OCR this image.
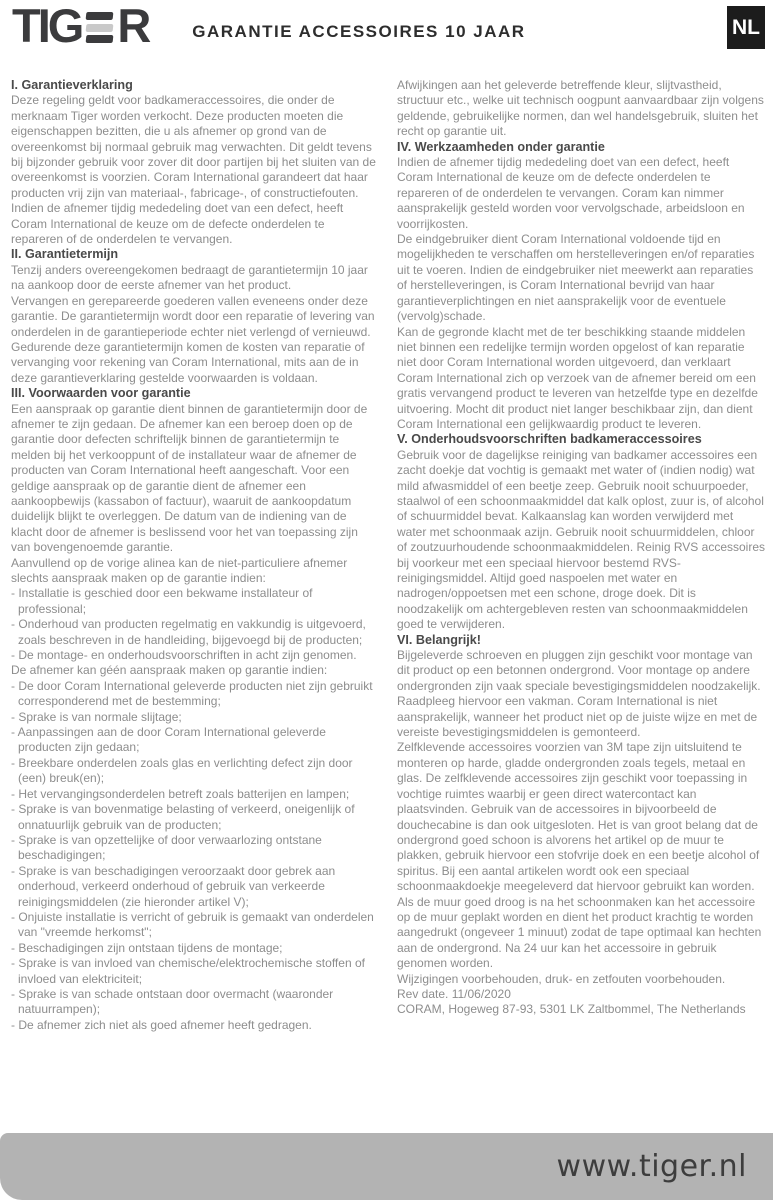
TIG R	GARANTIE ACCESSOIRES 10 JAAR	NL
I. Garantieverklaring

Deze regeling geldt voor badkameraccessoires, die onder de merknaam Tiger worden verkocht. Deze producten moeten die eigenschappen bezitten, die u als afnemer op grond van de overeenkomst bij normaal gebruik mag verwachten. Dit geldt tevens bij bijzonder gebruik voor zover dit door partijen bij het sluiten van de overeenkomst is voorzien. Coram International garandeert dat haar producten vrij zijn van materiaal-, fabricage-, of constructiefouten. Indien de afnemer tijdig mededeling doet van een defect, heeft Coram International de keuze om de defecte onderdelen te repareren of de onderdelen te vervangen.

II. Garantietermijn

Tenzij anders overeengekomen bedraagt de garantietermijn 10 jaar na aankoop door de eerste afnemer van het product.

Vervangen en gerepareerde goederen vallen eveneens onder deze garantie. De garantietermijn wordt door een reparatie of levering van onderdelen in de garantieperiode echter niet verlengd of vernieuwd.

Gedurende deze garantietermijn komen de kosten van reparatie of vervanging voor rekening van Coram International, mits aan de in deze garantieverklaring gestelde voorwaarden is voldaan.

III. Voorwaarden voor garantie

Een aanspraak op garantie dient binnen de garantietermijn door de afnemer te zijn gedaan. De afnemer kan een beroep doen op de garantie door defecten schriftelijk binnen de garantietermijn te melden bij het verkooppunt of de installateur waar de afnemer de producten van Coram International heeft aangeschaft. Voor een geldige aanspraak op de garantie dient de afnemer een aankoopbewijs (kassabon of factuur), waaruit de aankoopdatum duidelijk blijkt te overleggen. De datum van de indiening van de klacht door de afnemer is beslissend voor het van toepassing zijn van bovengenoemde garantie.

Aanvullend op de vorige alinea kan de niet-particuliere afnemer slechts aanspraak maken op de garantie indien:

- Installatie is geschied door een bekwame installateur of professional;
- Onderhoud van producten regelmatig en vakkundig is uitgevoerd, zoals beschreven in de handleiding, bijgevoegd bij de producten;
- De montage- en onderhoudsvoorschriften in acht zijn genomen.

De afnemer kan géén aanspraak maken op garantie indien:

- De door Coram International geleverde producten niet zijn gebruikt corresponderend met de bestemming;
- Sprake is van normale slijtage;
- Aanpassingen aan de door Coram International geleverde producten zijn gedaan;
- Breekbare onderdelen zoals glas en verlichting defect zijn door (een) breuk(en);
- Het vervangingsonderdelen betreft zoals batterijen en lampen;
- Sprake is van bovenmatige belasting of verkeerd, oneigenlijk of onnatuurlijk gebruik van de producten;
- Sprake is van opzettelijke of door verwaarlozing ontstane beschadigingen;
- Sprake is van beschadigingen veroorzaakt door gebrek aan onderhoud, verkeerd onderhoud of gebruik van verkeerde reinigingsmiddelen (zie hieronder artikel V);
- Onjuiste installatie is verricht of gebruik is gemaakt van onderdelen van "vreemde herkomst";
- Beschadigingen zijn ontstaan tijdens de montage;
- Sprake is van invloed van chemische/elektrochemische stoffen of invloed van elektriciteit;
- Sprake is van schade ontstaan door overmacht (waaronder natuurrampen);
- De afnemer zich niet als goed afnemer heeft gedragen.

Afwijkingen aan het geleverde betreffende kleur, slijtvastheid, structuur etc., welke uit technisch oogpunt aanvaardbaar zijn volgens geldende, gebruikelijke normen, dan wel handelsgebruik, sluiten het recht op garantie uit.

IV. Werkzaamheden onder garantie

Indien de afnemer tijdig mededeling doet van een defect, heeft Coram International de keuze om de defecte onderdelen te repareren of de onderdelen te vervangen. Coram kan nimmer aansprakelijk gesteld worden voor vervolgschade, arbeidsloon en voorrijkosten.

De eindgebruiker dient Coram International voldoende tijd en mogelijkheden te verschaffen om herstelleveringen en/of reparaties uit te voeren. Indien de eindgebruiker niet meewerkt aan reparaties of herstelleveringen, is Coram International bevrijd van haar garantieverplichtingen en niet aansprakelijk voor de eventuele (vervolg)schade.

Kan de gegronde klacht met de ter beschikking staande middelen niet binnen een redelijke termijn worden opgelost of kan reparatie niet door Coram International worden uitgevoerd, dan verklaart Coram International zich op verzoek van de afnemer bereid om een gratis vervangend product te leveren van hetzelfde type en dezelfde uitvoering. Mocht dit product niet langer beschikbaar zijn, dan dient Coram International een gelijkwaardig product te leveren.

V. Onderhoudsvoorschriften badkameraccessoires

Gebruik voor de dagelijkse reiniging van badkamer accessoires een zacht doekje dat vochtig is gemaakt met water of (indien nodig) wat mild afwasmiddel of een beetje zeep. Gebruik nooit schuurpoeder, staalwol of een schoonmaakmiddel dat kalk oplost, zuur is, of alcohol of schuurmiddel bevat. Kalkaanslag kan worden verwijderd met water met schoonmaak azijn. Gebruik nooit schuurmiddelen, chloor of zoutzuurhoudende schoonmaakmiddelen. Reinig RVS accessoires bij voorkeur met een speciaal hiervoor bestemd RVS-reinigingsmiddel. Altijd goed naspoelen met water en nadrogen/oppoetsen met een schone, droge doek. Dit is noodzakelijk om achtergebleven resten van schoonmaakmiddelen goed te verwijderen.

VI. Belangrijk!

Bijgeleverde schroeven en pluggen zijn geschikt voor montage van dit product op een betonnen ondergrond. Voor montage op andere ondergronden zijn vaak speciale bevestigingsmiddelen noodzakelijk. Raadpleeg hiervoor een vakman. Coram International is niet aansprakelijk, wanneer het product niet op de juiste wijze en met de vereiste bevestigingsmiddelen is gemonteerd.

Zelfklevende accessoires voorzien van 3M tape zijn uitsluitend te monteren op harde, gladde ondergronden zoals tegels, metaal en glas. De zelfklevende accessoires zijn geschikt voor toepassing in vochtige ruimtes waarbij er geen direct watercontact kan plaatsvinden. Gebruik van de accessoires in bijvoorbeeld de douchecabine is dan ook uitgesloten. Het is van groot belang dat de ondergrond goed schoon is alvorens het artikel op de muur te plakken, gebruik hiervoor een stofvrije doek en een beetje alcohol of spiritus. Bij een aantal artikelen wordt ook een speciaal schoonmaakdoekje meegeleverd dat hiervoor gebruikt kan worden. Als de muur goed droog is na het schoonmaken kan het accessoire op de muur geplakt worden en dient het product krachtig te worden aangedrukt (ongeveer 1 minuut) zodat de tape optimaal kan hechten aan de ondergrond. Na 24 uur kan het accessoire in gebruik genomen worden.

Wijzigingen voorbehouden, druk- en zetfouten voorbehouden.

Rev date. 11/06/2020

CORAM, Hogeweg 87-93, 5301 LK Zaltbommel, The Netherlands

www.tiger.nl
